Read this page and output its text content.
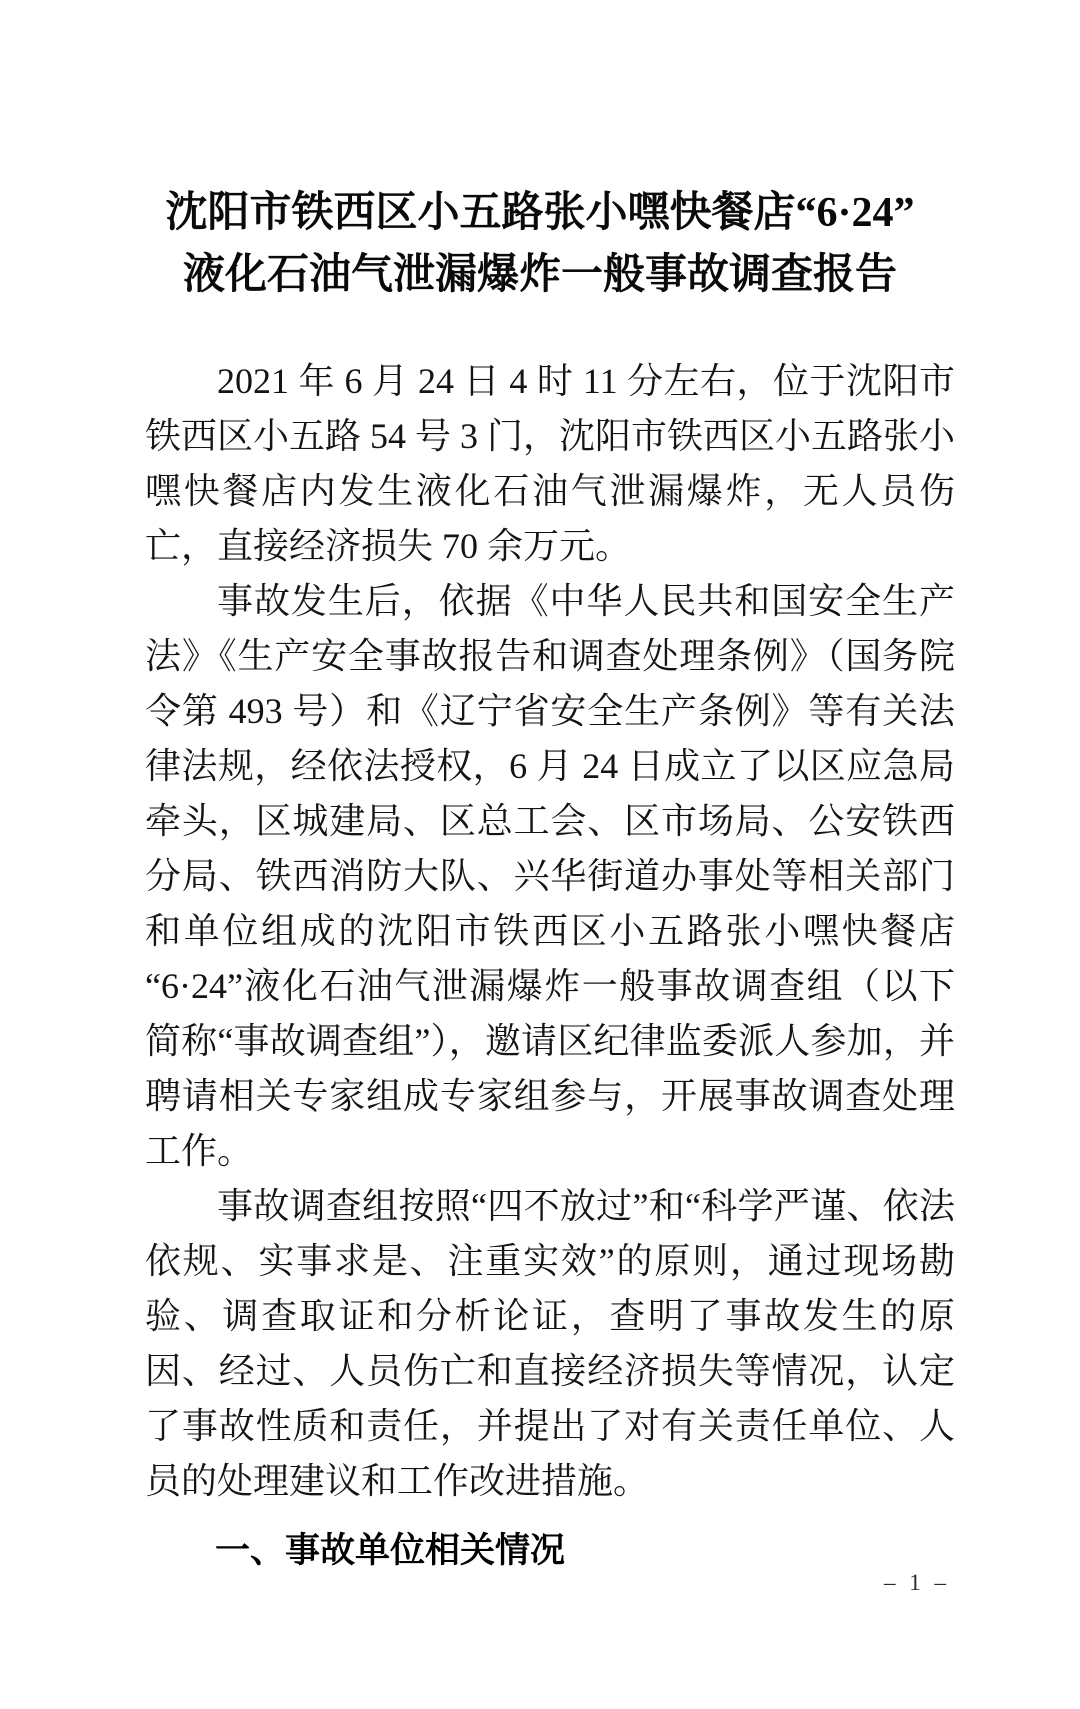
沈阳市铁西区小五路张小嘿快餐店“6·24”
液化石油气泄漏爆炸一般事故调查报告

2021 年 6 月 24 日 4 时 11 分左右，位于沈阳市铁西区小五路 54 号 3 门，沈阳市铁西区小五路张小嘿快餐店内发生液化石油气泄漏爆炸，无人员伤亡，直接经济损失 70 余万元。

事故发生后，依据《中华人民共和国安全生产法》《生产安全事故报告和调查处理条例》（国务院令第 493 号）和《辽宁省安全生产条例》等有关法律法规，经依法授权，6 月 24 日成立了以区应急局牵头，区城建局、区总工会、区市场局、公安铁西分局、铁西消防大队、兴华街道办事处等相关部门和单位组成的沈阳市铁西区小五路张小嘿快餐店“6·24”液化石油气泄漏爆炸一般事故调查组（以下简称“事故调查组”），邀请区纪律监委派人参加，并聘请相关专家组成专家组参与，开展事故调查处理工作。

事故调查组按照“四不放过”和“科学严谨、依法依规、实事求是、注重实效”的原则，通过现场勘验、调查取证和分析论证，查明了事故发生的原因、经过、人员伤亡和直接经济损失等情况，认定了事故性质和责任，并提出了对有关责任单位、人员的处理建议和工作改进措施。

一、事故单位相关情况
– 1 –
